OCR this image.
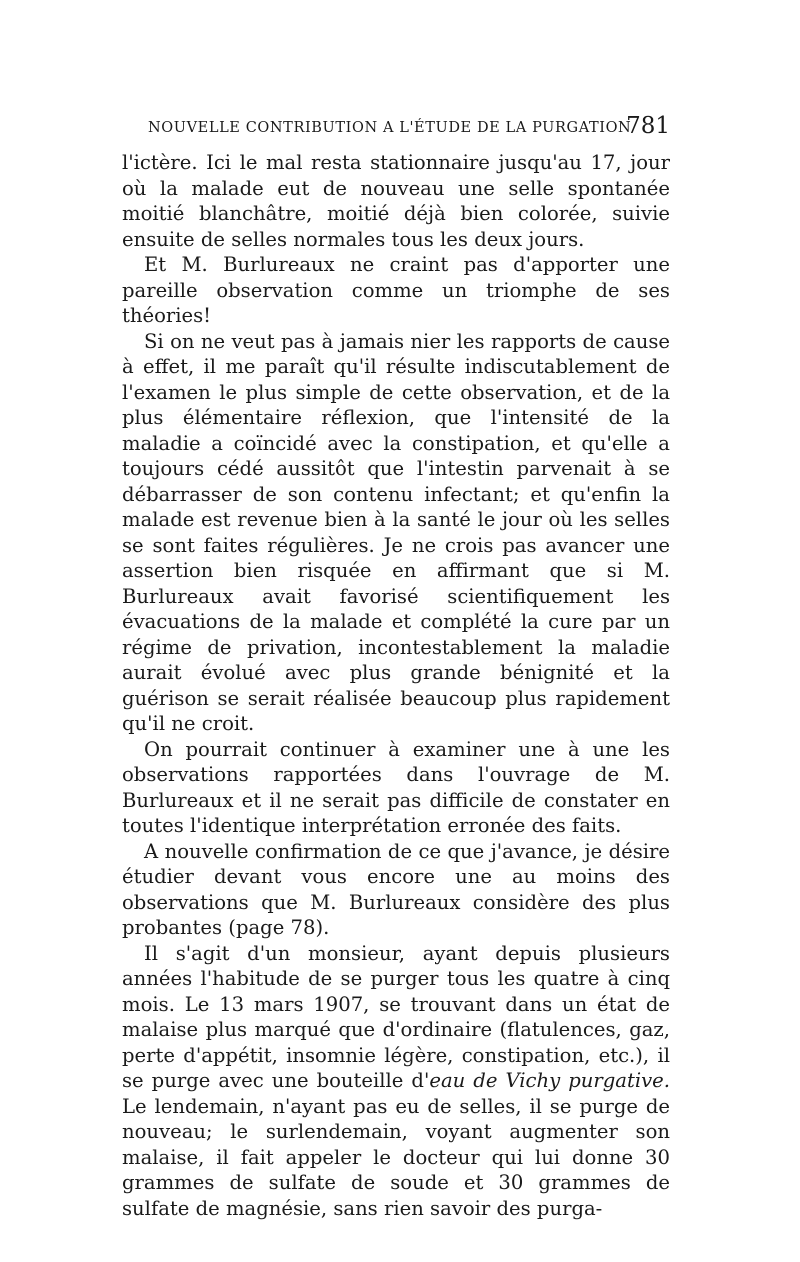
NOUVELLE CONTRIBUTION A L'ÉTUDE DE LA PURGATION
781

l'ictère. Ici le mal resta stationnaire jusqu'au 17, jour où la malade eut de nouveau une selle spontanée moitié blanchâtre, moitié déjà bien colorée, suivie ensuite de selles normales tous les deux jours.

Et M. Burlureaux ne craint pas d'apporter une pareille observation comme un triomphe de ses théories!

Si on ne veut pas à jamais nier les rapports de cause à effet, il me paraît qu'il résulte indiscutablement de l'examen le plus simple de cette observation, et de la plus élémentaire réflexion, que l'intensité de la maladie a coïncidé avec la constipation, et qu'elle a toujours cédé aussitôt que l'intestin parvenait à se débarrasser de son contenu infectant; et qu'enfin la malade est revenue bien à la santé le jour où les selles se sont faites régulières. Je ne crois pas avancer une assertion bien risquée en affirmant que si M. Burlureaux avait favorisé scientifiquement les évacuations de la malade et complété la cure par un régime de privation, incontestablement la maladie aurait évolué avec plus grande bénignité et la guérison se serait réalisée beaucoup plus rapidement qu'il ne croit.

On pourrait continuer à examiner une à une les observations rapportées dans l'ouvrage de M. Burlureaux et il ne serait pas difficile de constater en toutes l'identique interprétation erronée des faits.

A nouvelle confirmation de ce que j'avance, je désire étudier devant vous encore une au moins des observations que M. Burlureaux considère des plus probantes (page 78).

Il s'agit d'un monsieur, ayant depuis plusieurs années l'habitude de se purger tous les quatre à cinq mois. Le 13 mars 1907, se trouvant dans un état de malaise plus marqué que d'ordinaire (flatulences, gaz, perte d'appétit, insomnie légère, constipation, etc.), il se purge avec une bouteille d'eau de Vichy purgative. Le lendemain, n'ayant pas eu de selles, il se purge de nouveau; le surlendemain, voyant augmenter son malaise, il fait appeler le docteur qui lui donne 30 grammes de sulfate de soude et 30 grammes de sulfate de magnésie, sans rien savoir des purga-
